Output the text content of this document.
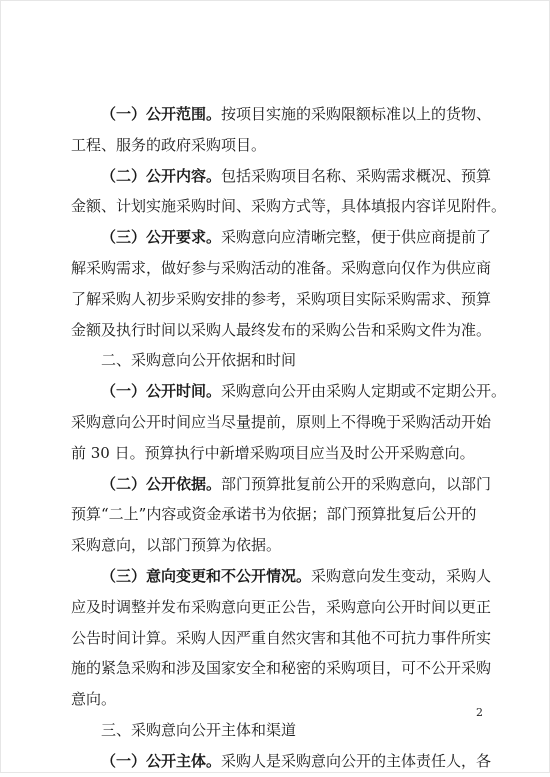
（一）公开范围。按项目实施的采购限额标准以上的货物、
工程、服务的政府采购项目。
（二）公开内容。包括采购项目名称、采购需求概况、预算
金额、计划实施采购时间、采购方式等，具体填报内容详见附件。
（三）公开要求。采购意向应清晰完整，便于供应商提前了
解采购需求，做好参与采购活动的准备。采购意向仅作为供应商
了解采购人初步采购安排的参考，采购项目实际采购需求、预算
金额及执行时间以采购人最终发布的采购公告和采购文件为准。
二、采购意向公开依据和时间
（一）公开时间。采购意向公开由采购人定期或不定期公开。
采购意向公开时间应当尽量提前，原则上不得晚于采购活动开始
前 30 日。预算执行中新增采购项目应当及时公开采购意向。
（二）公开依据。部门预算批复前公开的采购意向，以部门
预算“二上”内容或资金承诺书为依据；部门预算批复后公开的
采购意向，以部门预算为依据。
（三）意向变更和不公开情况。采购意向发生变动，采购人
应及时调整并发布采购意向更正公告，采购意向公开时间以更正
公告时间计算。采购人因严重自然灾害和其他不可抗力事件所实
施的紧急采购和涉及国家安全和秘密的采购项目，可不公开采购
意向。
三、采购意向公开主体和渠道
（一）公开主体。采购人是采购意向公开的主体责任人，各
2
